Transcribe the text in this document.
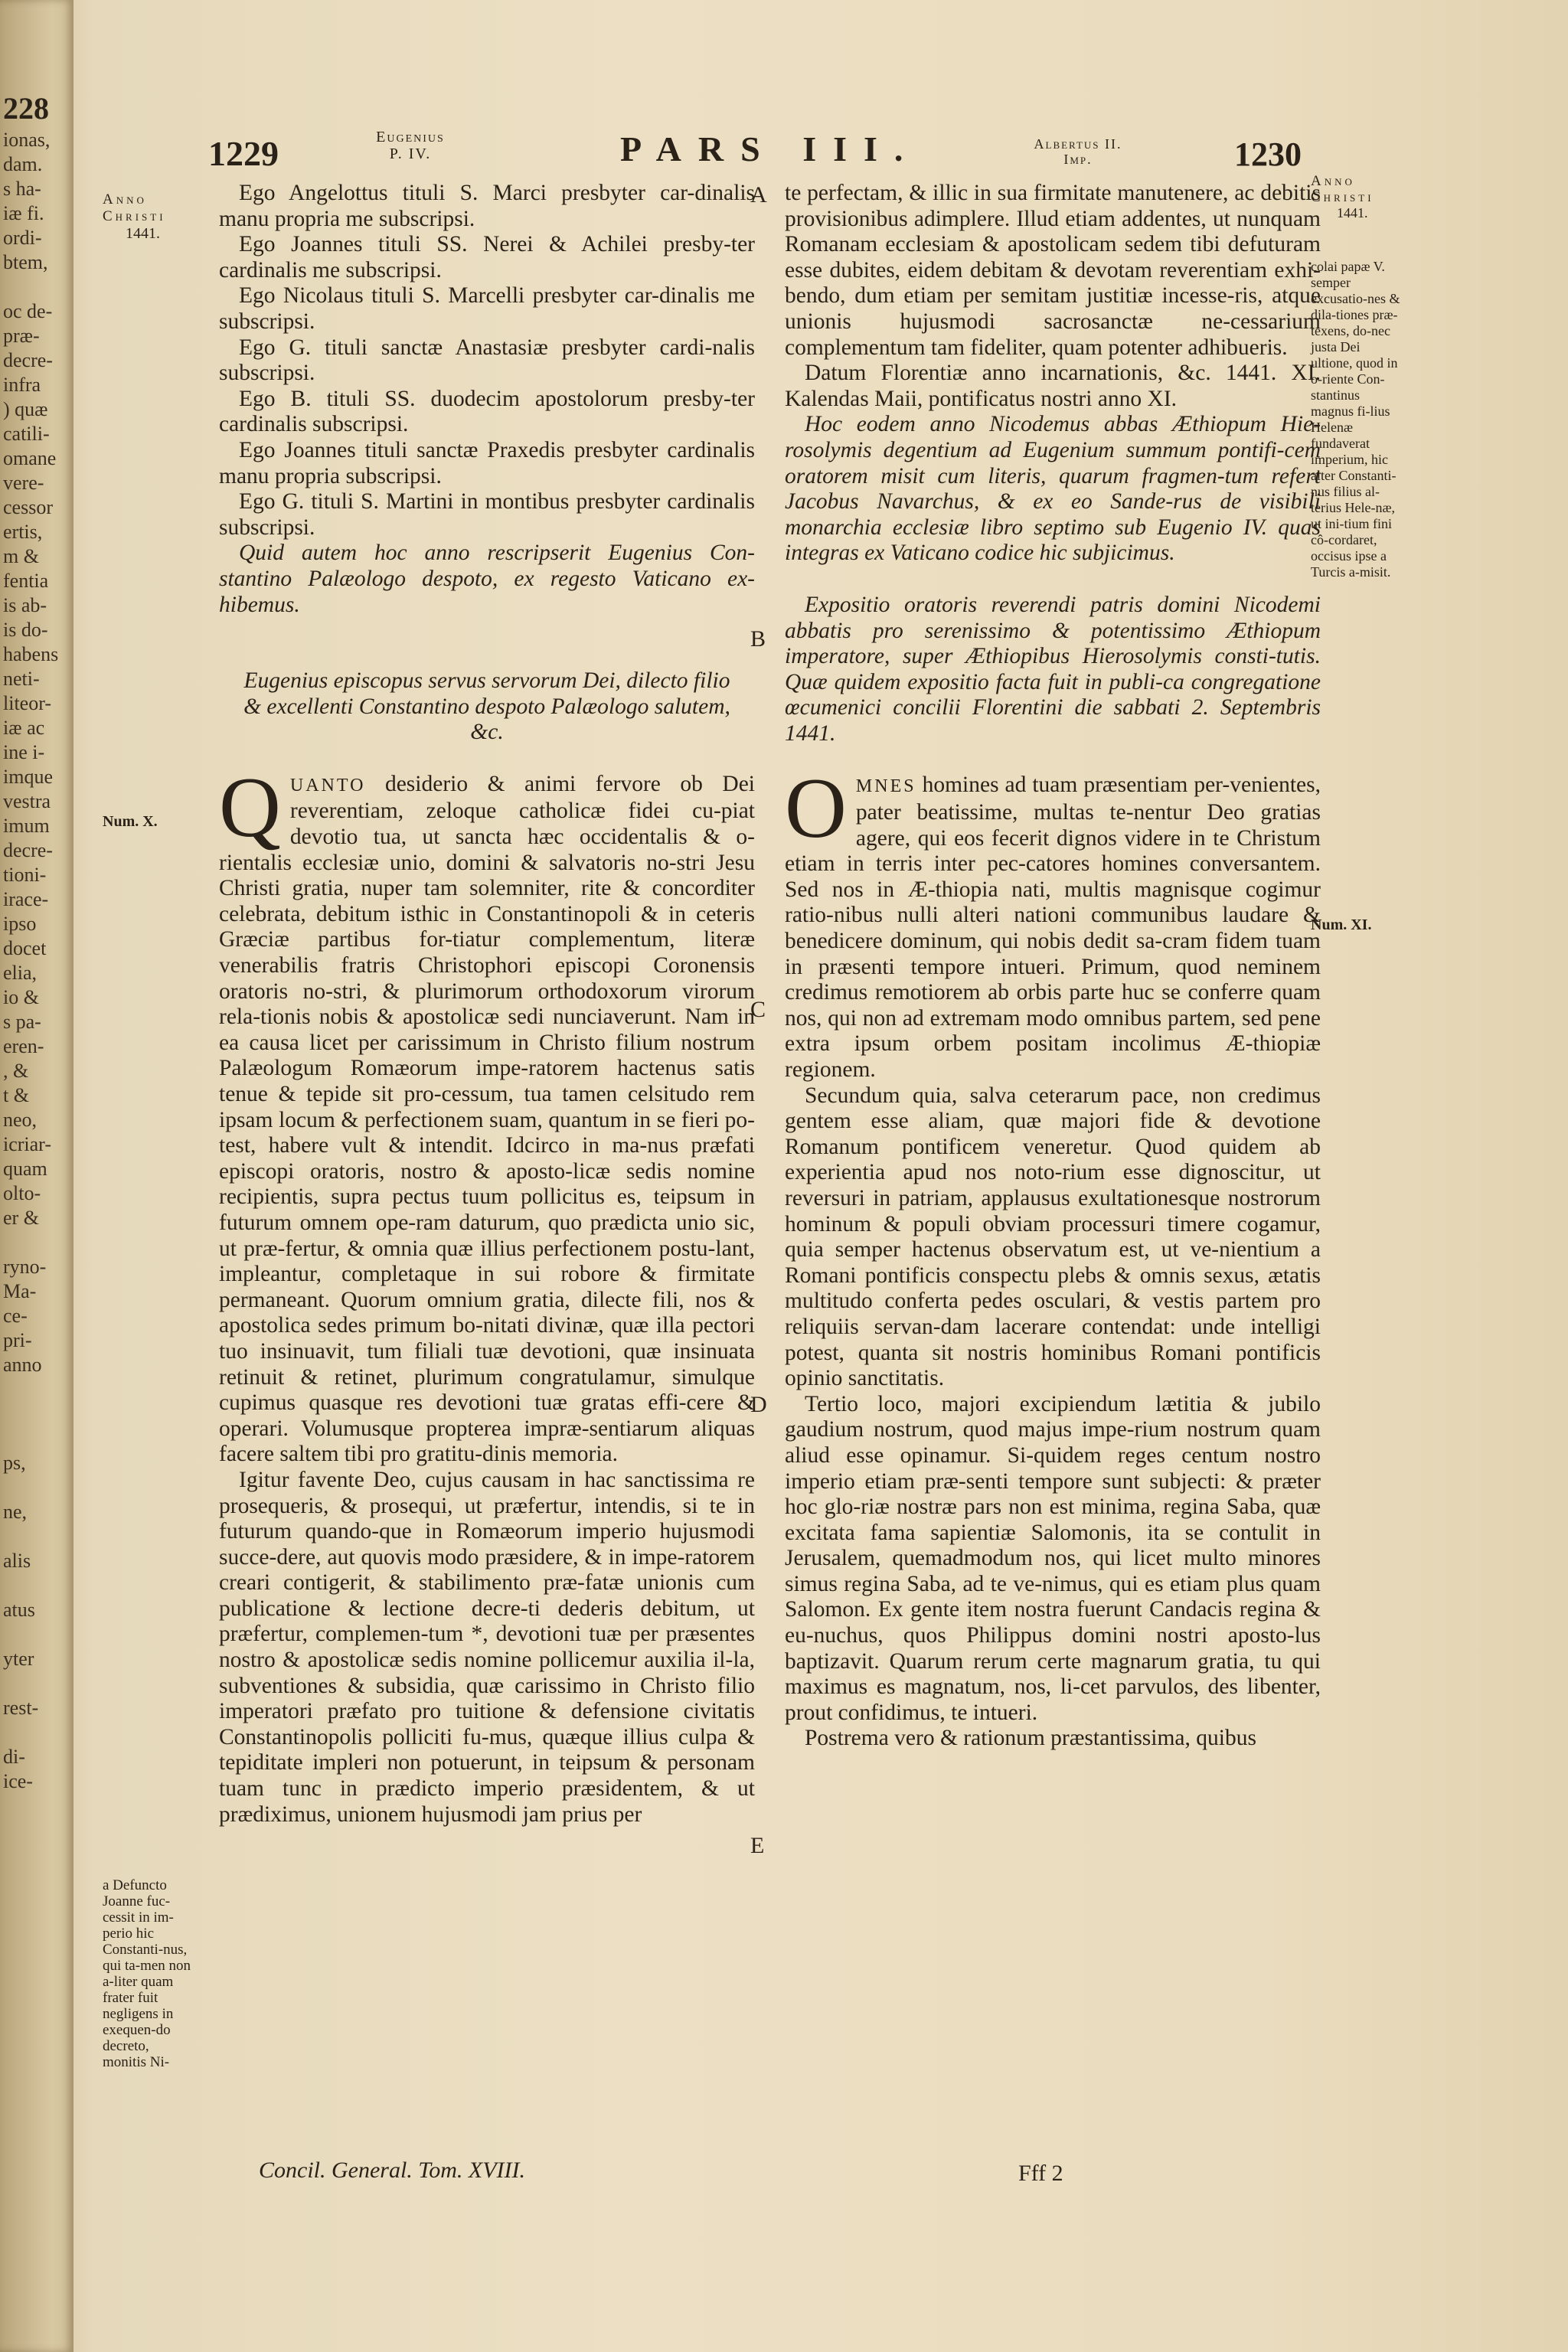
228
ionas,
dam.
s ha-
iæ fi.
ordi-
btem,
oc de-
præ-
decre-
infra
) quæ
catili-
omane
vere-
cessor
ertis,
m &
fentia
is ab-
is do-
habens
neti-
liteor-
iæ ac
ine i-
imque
vestra
imum
decre-
tioni-
irace-
ipso
docet
elia,
io &
s pa-
eren-
, &
t &
neo,
icriar-
quam
olto-
er &
ryno-
Ma-
ce-
pri-
anno
ps,
ne,
alis
atus
yter
rest-
di-
ice-
1229	Eugenius
P. IV.	PARS III.	Albertus II.
Imp.	1230
Anno
Christi
1441.
Num. X.
a Defuncto Joanne fuc-cessit in im-perio hic Constanti-nus, qui ta-men non a-liter quam frater fuit negligens in exequen-do decreto, monitis Ni-
Anno
Christi
1441.
colai papæ V. semper excusatio-nes & dila-tiones præ-texens, do-nec justa Dei ultione, quod in o-riente Con-stantinus magnus fi-lius Helenæ fundaverat imperium, hic alter Constanti-nus filius al-terius Hele-næ, ut ini-tium fini cô-cordaret, occisus ipse a Turcis a-misit.
Num. XI.
A
B
C
D
E

Ego Angelottus tituli S. Marci presbyter car-dinalis manu propria me subscripsi.

Ego Joannes tituli SS. Nerei & Achilei presby-ter cardinalis me subscripsi.

Ego Nicolaus tituli S. Marcelli presbyter car-dinalis me subscripsi.

Ego G. tituli sanctæ Anastasiæ presbyter cardi-nalis subscripsi.

Ego B. tituli SS. duodecim apostolorum presby-ter cardinalis subscripsi.

Ego Joannes tituli sanctæ Praxedis presbyter cardinalis manu propria subscripsi.

Ego G. tituli S. Martini in montibus presbyter cardinalis subscripsi.

Quid autem hoc anno rescripserit Eugenius Con-stantino Palæologo despoto, ex regesto Vaticano ex-hibemus.

Eugenius episcopus servus servorum Dei, dilecto filio & excellenti Constantino despoto Palæologo salutem, &c.

Q UANTO desiderio & animi fervore ob Dei reverentiam, zeloque catholicæ fidei cu-piat devotio tua, ut sancta hæc occidentalis & o-rientalis ecclesiæ unio, domini & salvatoris no-stri Jesu Christi gratia, nuper tam solemniter, rite & concorditer celebrata, debitum isthic in Constantinopoli & in ceteris Græciæ partibus for-tiatur complementum, literæ venerabilis fratris Christophori episcopi Coronensis oratoris no-stri, & plurimorum orthodoxorum virorum rela-tionis nobis & apostolicæ sedi nunciaverunt. Nam in ea causa licet per carissimum in Christo filium nostrum Palæologum Romæorum impe-ratorem hactenus satis tenue & tepide sit pro-cessum, tua tamen celsitudo rem ipsam locum & perfectionem suam, quantum in se fieri po-test, habere vult & intendit. Idcirco in ma-nus præfati episcopi oratoris, nostro & aposto-licæ sedis nomine recipientis, supra pectus tuum pollicitus es, teipsum in futurum omnem ope-ram daturum, quo prædicta unio sic, ut præ-fertur, & omnia quæ illius perfectionem postu-lant, impleantur, completaque in sui robore & firmitate permaneant. Quorum omnium gratia, dilecte fili, nos & apostolica sedes primum bo-nitati divinæ, quæ illa pectori tuo insinuavit, tum filiali tuæ devotioni, quæ insinuata retinuit & retinet, plurimum congratulamur, simulque cupimus quasque res devotioni tuæ gratas effi-cere & operari. Volumusque propterea impræ-sentiarum aliquas facere saltem tibi pro gratitu-dinis memoria.

Igitur favente Deo, cujus causam in hac sanctissima re prosequeris, & prosequi, ut præfertur, intendis, si te in futurum quando-que in Romæorum imperio hujusmodi succe-dere, aut quovis modo præsidere, & in impe-ratorem creari contigerit, & stabilimento præ-fatæ unionis cum publicatione & lectione decre-ti dederis debitum, ut præfertur, complemen-tum *, devotioni tuæ per præsentes nostro & apostolicæ sedis nomine pollicemur auxilia il-la, subventiones & subsidia, quæ carissimo in Christo filio imperatori præfato pro tuitione & defensione civitatis Constantinopolis polliciti fu-mus, quæque illius culpa & tepiditate impleri non potuerunt, in teipsum & personam tuam tunc in prædicto imperio præsidentem, & ut prædiximus, unionem hujusmodi jam prius per

Concil. General. Tom. XVIII.

te perfectam, & illic in sua firmitate manutenere, ac debitis provisionibus adimplere. Illud etiam addentes, ut nunquam Romanam ecclesiam & apostolicam sedem tibi defuturam esse dubites, eidem debitam & devotam reverentiam exhi-bendo, dum etiam per semitam justitiæ incesse-ris, atque unionis hujusmodi sacrosanctæ ne-cessarium complementum tam fideliter, quam potenter adhibueris.

Datum Florentiæ anno incarnationis, &c. 1441. XI. Kalendas Maii, pontificatus nostri anno XI.

Hoc eodem anno Nicodemus abbas Æthiopum Hie-rosolymis degentium ad Eugenium summum pontifi-cem oratorem misit cum literis, quarum fragmen-tum refert Jacobus Navarchus, & ex eo Sande-rus de visibili monarchia ecclesiæ libro septimo sub Eugenio IV. quas integras ex Vaticano codice hic subjicimus.

Expositio oratoris reverendi patris domini Nicodemi abbatis pro serenissimo & potentissimo Æthiopum imperatore, super Æthiopibus Hierosolymis consti-tutis. Quæ quidem expositio facta fuit in publi-ca congregatione œcumenici concilii Florentini die sabbati 2. Septembris 1441.

O MNES homines ad tuam præsentiam per-venientes, pater beatissime, multas te-nentur Deo gratias agere, qui eos fecerit dignos videre in te Christum etiam in terris inter pec-catores homines conversantem. Sed nos in Æ-thiopia nati, multis magnisque cogimur ratio-nibus nulli alteri nationi communibus laudare & benedicere dominum, qui nobis dedit sa-cram fidem tuam in præsenti tempore intueri. Primum, quod neminem credimus remotiorem ab orbis parte huc se conferre quam nos, qui non ad extremam modo omnibus partem, sed pene extra ipsum orbem positam incolimus Æ-thiopiæ regionem.

Secundum quia, salva ceterarum pace, non credimus gentem esse aliam, quæ majori fide & devotione Romanum pontificem veneretur. Quod quidem ab experientia apud nos noto-rium esse dignoscitur, ut reversuri in patriam, applausus exultationesque nostrorum hominum & populi obviam processuri timere cogamur, quia semper hactenus observatum est, ut ve-nientium a Romani pontificis conspectu plebs & omnis sexus, ætatis multitudo conferta pedes osculari, & vestis partem pro reliquiis servan-dam lacerare contendat: unde intelligi potest, quanta sit nostris hominibus Romani pontificis opinio sanctitatis.

Tertio loco, majori excipiendum lætitia & jubilo gaudium nostrum, quod majus impe-rium nostrum quam aliud esse opinamur. Si-quidem reges centum nostro imperio etiam præ-senti tempore sunt subjecti: & præter hoc glo-riæ nostræ pars non est minima, regina Saba, quæ excitata fama sapientiæ Salomonis, ita se contulit in Jerusalem, quemadmodum nos, qui licet multo minores simus regina Saba, ad te ve-nimus, qui es etiam plus quam Salomon. Ex gente item nostra fuerunt Candacis regina & eu-nuchus, quos Philippus domini nostri aposto-lus baptizavit. Quarum rerum certe magnarum gratia, tu qui maximus es magnatum, nos, li-cet parvulos, des libenter, prout confidimus, te intueri.

Postrema vero & rationum præstantissima, quibus

Fff 2
